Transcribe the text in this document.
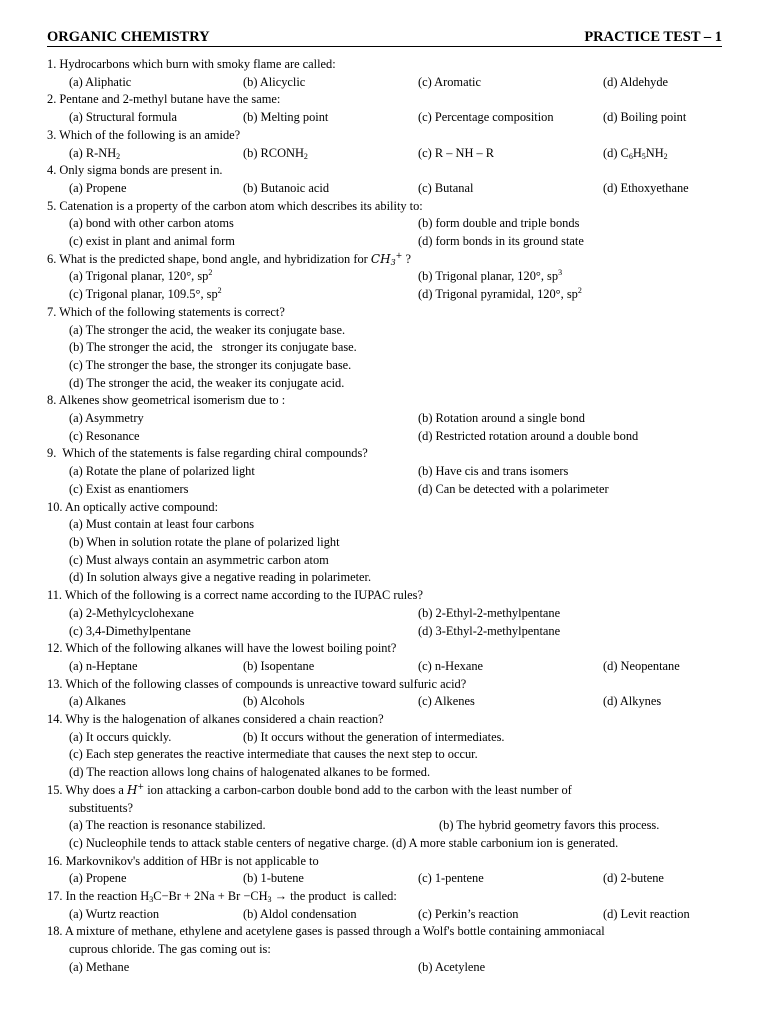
ORGANIC CHEMISTRY	PRACTICE TEST – 1
1. Hydrocarbons which burn with smoky flame are called:
(a) Aliphatic	(b) Alicyclic	(c) Aromatic	(d) Aldehyde
2. Pentane and 2-methyl butane have the same:
(a) Structural formula	(b) Melting point	(c) Percentage composition	(d) Boiling point
3. Which of the following is an amide?
(a) $R-NH_2$	(b) $RCONH_2$	(c) R – NH – R	(d) $C_6H_5NH_2$
4. Only sigma bonds are present in.
(a) Propene	(b) Butanoic acid	(c) Butanal	(d) Ethoxyethane
5. Catenation is a property of the carbon atom which describes its ability to:
(a) bond with other carbon atoms	(b) form double and triple bonds
(c) exist in plant and animal form	(d) form bonds in its ground state
6. What is the predicted shape, bond angle, and hybridization for $CH_3^+$ ?
(a) Trigonal planar, 120°, $sp^2$	(b) Trigonal planar, 120°, $sp^3$
(c) Trigonal planar, 109.5°, $sp^2$	(d) Trigonal pyramidal, 120°, $sp^2$
7. Which of the following statements is correct?
(a) The stronger the acid, the weaker its conjugate base.
(b) The stronger the acid, the   stronger its conjugate base.
(c) The stronger the base, the stronger its conjugate base.
(d) The stronger the acid, the weaker its conjugate acid.
8. Alkenes show geometrical isomerism due to :
(a) Asymmetry	(b) Rotation around a single bond
(c) Resonance	(d) Restricted rotation around a double bond
9.  Which of the statements is false regarding chiral compounds?
(a) Rotate the plane of polarized light	(b) Have cis and trans isomers
(c) Exist as enantiomers	(d) Can be detected with a polarimeter
10. An optically active compound:
(a) Must contain at least four carbons
(b) When in solution rotate the plane of polarized light
(c) Must always contain an asymmetric carbon atom
(d) In solution always give a negative reading in polarimeter.
11. Which of the following is a correct name according to the IUPAC rules?
(a) 2-Methylcyclohexane	(b) 2-Ethyl-2-methylpentane
(c) 3,4-Dimethylpentane	(d) 3-Ethyl-2-methylpentane
12. Which of the following alkanes will have the lowest boiling point?
(a) n-Heptane	(b) Isopentane	(c) n-Hexane	(d) Neopentane
13. Which of the following classes of compounds is unreactive toward sulfuric acid?
(a) Alkanes	(b) Alcohols	(c) Alkenes	(d) Alkynes
14. Why is the halogenation of alkanes considered a chain reaction?
(a) It occurs quickly.	(b) It occurs without the generation of intermediates.
(c) Each step generates the reactive intermediate that causes the next step to occur.
(d) The reaction allows long chains of halogenated alkanes to be formed.
15. Why does a H+ ion attacking a carbon-carbon double bond add to the carbon with the least number of
substituents?
(a) The reaction is resonance stabilized.	(b) The hybrid geometry favors this process.
(c) Nucleophile tends to attack stable centers of negative charge. (d) A more stable carbonium ion is generated.
16. Markovnikov's addition of HBr is not applicable to
(a) Propene	(b) 1-butene	(c) 1-pentene	(d) 2-butene
17. In the reaction $H_3C-Br + 2Na + Br -CH_3$ → the product  is called:
(a) Wurtz reaction	(b) Aldol condensation	(c) Perkin’s reaction	(d) Levit reaction
18. A mixture of methane, ethylene and acetylene gases is passed through a Wolf's bottle containing ammoniacal
cuprous chloride. The gas coming out is:
(a) Methane	(b) Acetylene
